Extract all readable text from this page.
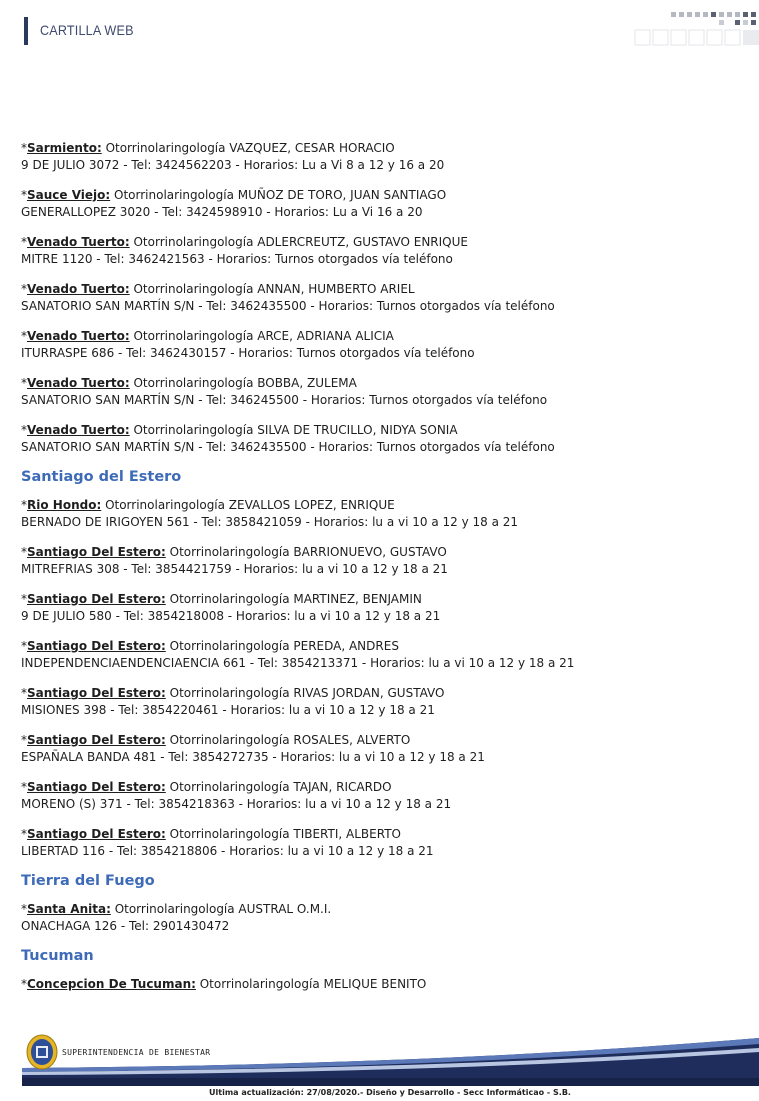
CARTILLA WEB
*Sarmiento: Otorrinolaringología VAZQUEZ, CESAR HORACIO
9 DE JULIO 3072 - Tel: 3424562203 - Horarios: Lu a Vi 8 a 12 y 16 a 20
*Sauce Viejo: Otorrinolaringología MUÑOZ DE TORO, JUAN SANTIAGO
GENERALLOPEZ 3020 - Tel: 3424598910 - Horarios: Lu a Vi 16 a 20
*Venado Tuerto: Otorrinolaringología ADLERCREUTZ, GUSTAVO ENRIQUE
MITRE 1120 - Tel: 3462421563 - Horarios: Turnos otorgados vía teléfono
*Venado Tuerto: Otorrinolaringología ANNAN, HUMBERTO ARIEL
SANATORIO SAN MARTÍN S/N - Tel: 3462435500 - Horarios: Turnos otorgados vía teléfono
*Venado Tuerto: Otorrinolaringología ARCE, ADRIANA ALICIA
ITURRASPE 686 - Tel: 3462430157 - Horarios: Turnos otorgados vía teléfono
*Venado Tuerto: Otorrinolaringología BOBBA, ZULEMA
SANATORIO SAN MARTÍN S/N - Tel: 346245500 - Horarios: Turnos otorgados vía teléfono
*Venado Tuerto: Otorrinolaringología SILVA DE TRUCILLO, NIDYA SONIA
SANATORIO SAN MARTÍN S/N - Tel: 3462435500 - Horarios: Turnos otorgados vía teléfono
Santiago del Estero
*Rio Hondo: Otorrinolaringología ZEVALLOS LOPEZ, ENRIQUE
BERNADO DE IRIGOYEN 561 - Tel: 3858421059 - Horarios: lu a vi 10 a 12 y 18 a 21
*Santiago Del Estero: Otorrinolaringología BARRIONUEVO, GUSTAVO
MITREFRIAS 308 - Tel: 3854421759 - Horarios: lu a vi 10 a 12 y 18 a 21
*Santiago Del Estero: Otorrinolaringología MARTINEZ, BENJAMIN
9 DE JULIO 580 - Tel: 3854218008 - Horarios: lu a vi 10 a 12 y 18 a 21
*Santiago Del Estero: Otorrinolaringología PEREDA, ANDRES
INDEPENDENCIAENDENCIAENCIA 661 - Tel: 3854213371 - Horarios: lu a vi 10 a 12 y 18 a 21
*Santiago Del Estero: Otorrinolaringología RIVAS JORDAN, GUSTAVO
MISIONES 398 - Tel: 3854220461 - Horarios: lu a vi 10 a 12 y 18 a 21
*Santiago Del Estero: Otorrinolaringología ROSALES, ALVERTO
ESPAÑALA BANDA 481 - Tel: 3854272735 - Horarios: lu a vi 10 a 12 y 18 a 21
*Santiago Del Estero: Otorrinolaringología TAJAN, RICARDO
MORENO (S) 371 - Tel: 3854218363 - Horarios: lu a vi 10 a 12 y 18 a 21
*Santiago Del Estero: Otorrinolaringología TIBERTI, ALBERTO
LIBERTAD 116 - Tel: 3854218806 - Horarios: lu a vi 10 a 12 y 18 a 21
Tierra del Fuego
*Santa Anita: Otorrinolaringología AUSTRAL O.M.I.
ONACHAGA 126 - Tel: 2901430472
Tucuman
*Concepcion De Tucuman: Otorrinolaringología MELIQUE BENITO
SUPERINTENDENCIA DE BIENESTAR
Ultima actualización: 27/08/2020.- Diseño y Desarrollo - Secc Informáticao - S.B.
